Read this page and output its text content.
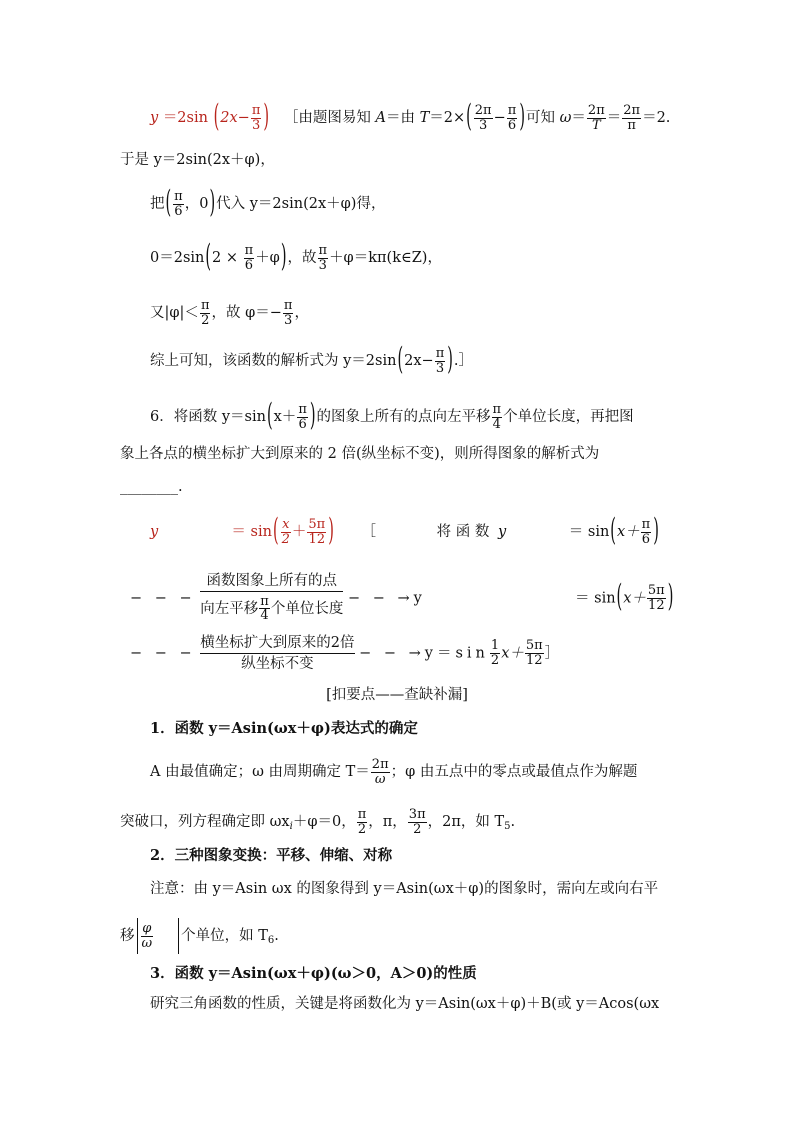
y ＝2sin ($2x- \frac{\pi}{3}$ ) ［由题图易知 A＝由 $T=2\times( \frac{2\pi}{3} - \frac{\pi}{6}$ )可知 $\omega= \frac{2\pi}{T} = \frac{2\pi}{\pi} =2$.
于是 y＝2sin(2x＋φ)，
把( $\frac{\pi}{6}$ ，0)代入 y＝2sin(2x＋φ)得，
$0=2\sin(2 \times \frac{\pi}{6} +\varphi)$，故 $\frac{\pi}{3}$ ＋φ＝kπ(k∈Z)，
又$|\varphi|< \frac{\pi}{2}$ ，故 $\varphi=- \frac{\pi}{3}$ ，
综上可知，该函数的解析式为 $y=2\sin(2x- \frac{\pi}{3}$ ).］
6．将函数 $y=\sin(x+ \frac{\pi}{6}$ )的图象上所有的点向左平移 $\frac{\pi}{4}$ 个单位长度，再把图
象上各点的横坐标扩大到原来的 2 倍(纵坐标不变)，则所得图象的解析式为
________.
y	＝ $\sin( \frac{x}{2} + \frac{5\pi}{12}$ ) ［	将 函 数 y	＝ $\sin(x+ \frac{\pi}{6}$ )
− − −
函数图象上所有的点
向左平移 $\frac{\pi}{4}$ 个单位长度
− − →y	＝ $\sin(x+ \frac{5\pi}{12}$ )
− − −
横坐标扩大到原来的2倍
纵坐标不变
− − $\to y=\sin \frac{1}{2} x+ \frac{5\pi}{12}$ ］
[扣要点——查缺补漏]
1．函数 y＝Asin(ωx＋φ)表达式的确定
A 由最值确定；ω 由周期确定 $T= \frac{2\pi}{\omega}$ ；φ 由五点中的零点或最值点作为解题
突破口，列方程确定即 $\omega x_i+\varphi=0$， $\frac{\pi}{2}$ ，π， $\frac{3\pi}{2}$ ，2π，如 $T_5$.
2．三种图象变换：平移、伸缩、对称
注意：由 y＝Asin ωx 的图象得到 y＝Asin(ωx＋φ)的图象时，需向左或向右平
移 $\frac{\varphi}{\omega}$ 个单位，如 $T_6$.
3．函数 y＝Asin(ωx＋φ)(ω＞0，A＞0)的性质
研究三角函数的性质，关键是将函数化为 y＝Asin(ωx＋φ)＋B(或 y＝Acos(ωx
